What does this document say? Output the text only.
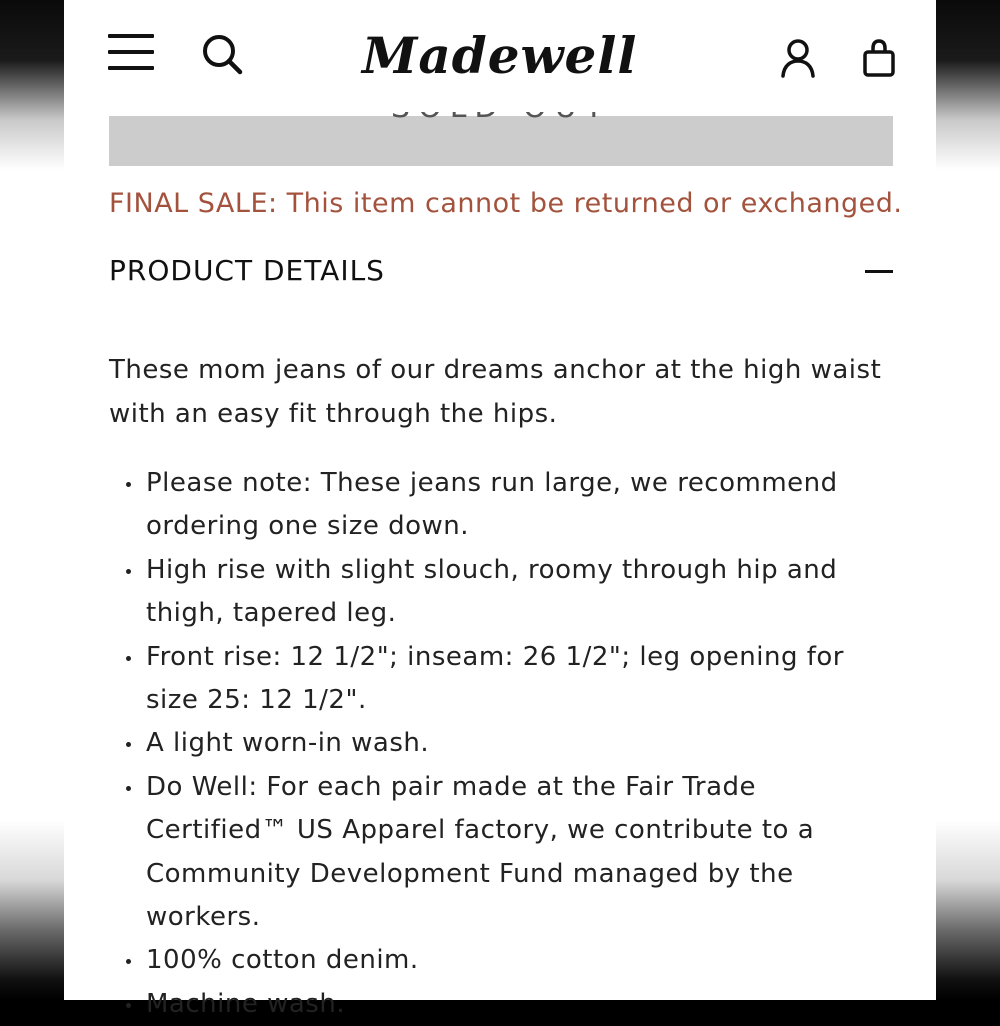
Madewell
FINAL SALE: This item cannot be returned or exchanged.
PRODUCT DETAILS
These mom jeans of our dreams anchor at the high waist with an easy fit through the hips.
Please note: These jeans run large, we recommend ordering one size down.
High rise with slight slouch, roomy through hip and thigh, tapered leg.
Front rise: 12 1/2"; inseam: 26 1/2"; leg opening for size 25: 12 1/2".
A light worn-in wash.
Do Well: For each pair made at the Fair Trade Certified™ US Apparel factory, we contribute to a Community Development Fund managed by the workers.
100% cotton denim.
Machine wash.
